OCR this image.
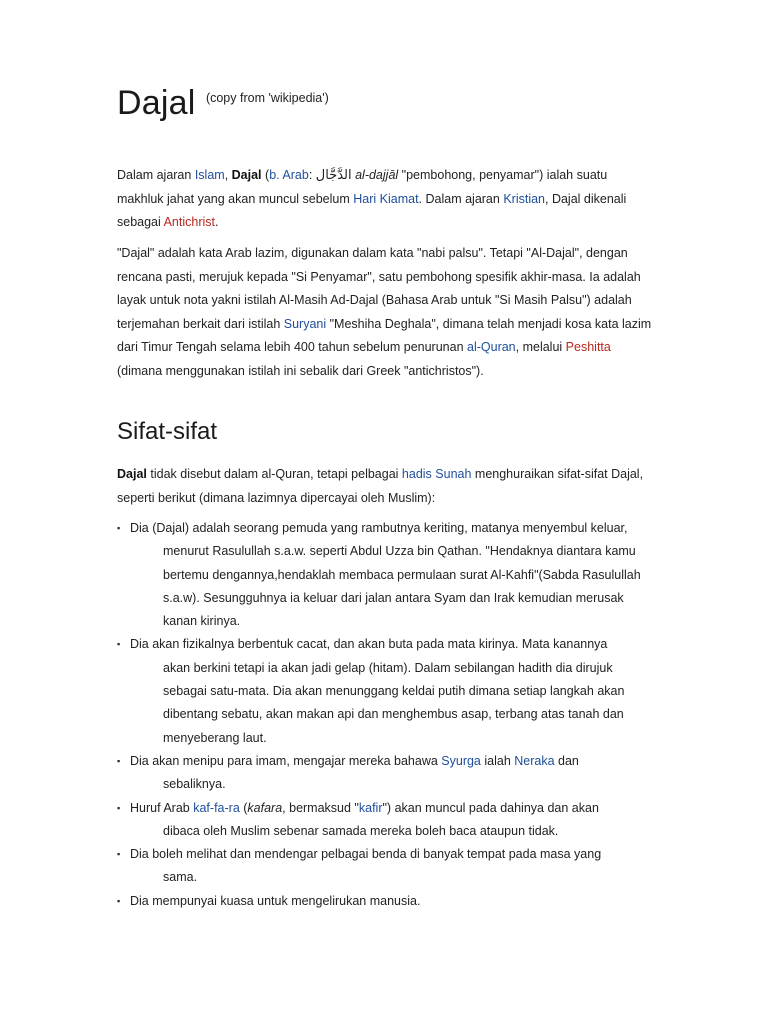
Dajal $^{(copy from 'wikipedia')}$

Dalam ajaran Islam, Dajal (b. Arab: الدَّجَّال al-dajjāl "pembohong, penyamar") ialah suatu makhluk jahat yang akan muncul sebelum Hari Kiamat. Dalam ajaran Kristian, Dajal dikenali sebagai Antichrist.

"Dajal" adalah kata Arab lazim, digunakan dalam kata "nabi palsu". Tetapi "Al-Dajal", dengan rencana pasti, merujuk kepada "Si Penyamar", satu pembohong spesifik akhir-masa. Ia adalah layak untuk nota yakni istilah Al-Masih Ad-Dajal (Bahasa Arab untuk "Si Masih Palsu") adalah terjemahan berkait dari istilah Suryani "Meshiha Deghala", dimana telah menjadi kosa kata lazim dari Timur Tengah selama lebih 400 tahun sebelum penurunan al-Quran, melalui Peshitta (dimana menggunakan istilah ini sebalik dari Greek "antichristos").

Sifat-sifat

Dajal tidak disebut dalam al-Quran, tetapi pelbagai hadis Sunah menghuraikan sifat-sifat Dajal, seperti berikut (dimana lazimnya dipercayai oleh Muslim):

▪ Dia (Dajal) adalah seorang pemuda yang rambutnya keriting, matanya menyembul keluar,
menurut Rasulullah s.a.w. seperti Abdul Uzza bin Qathan. "Hendaknya diantara kamu bertemu dengannya,hendaklah membaca permulaan surat Al-Kahfi"(Sabda Rasulullah s.a.w). Sesungguhnya ia keluar dari jalan antara Syam dan Irak kemudian merusak kanan kirinya.
▪ Dia akan fizikalnya berbentuk cacat, dan akan buta pada mata kirinya. Mata kanannya
akan berkini tetapi ia akan jadi gelap (hitam). Dalam sebilangan hadith dia dirujuk sebagai satu-mata. Dia akan menunggang keldai putih dimana setiap langkah akan dibentang sebatu, akan makan api dan menghembus asap, terbang atas tanah dan menyeberang laut.
▪ Dia akan menipu para imam, mengajar mereka bahawa Syurga ialah Neraka dan
sebaliknya.
▪ Huruf Arab kaf-fa-ra (kafara, bermaksud "kafir") akan muncul pada dahinya dan akan
dibaca oleh Muslim sebenar samada mereka boleh baca ataupun tidak.
▪ Dia boleh melihat dan mendengar pelbagai benda di banyak tempat pada masa yang
sama.
▪ Dia mempunyai kuasa untuk mengelirukan manusia.
